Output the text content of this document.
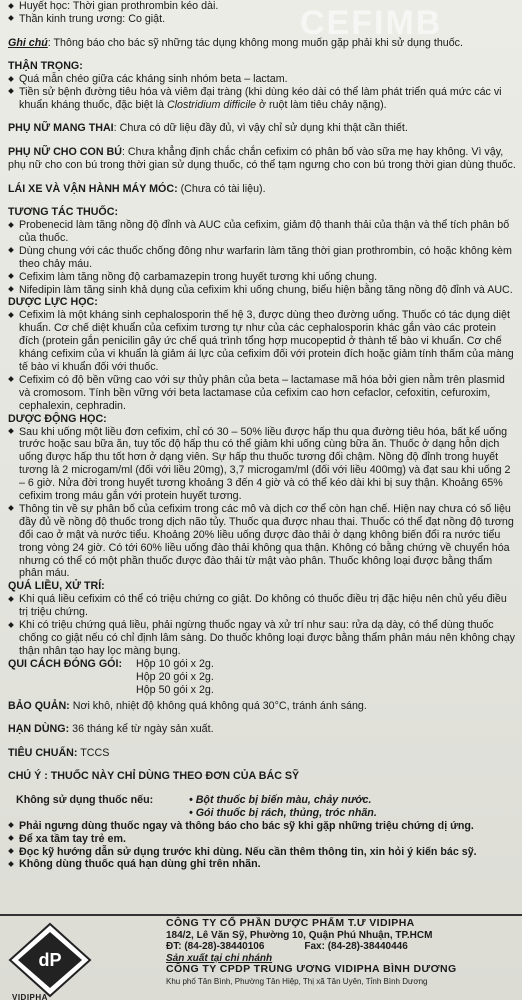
CEFIMB

Huyết học: Thời gian prothrombin kéo dài.

Thần kinh trung ương: Co giật.

Ghi chú: Thông báo cho bác sỹ những tác dụng không mong muốn gặp phải khi sử dụng thuốc.

THẬN TRỌNG:

Quá mẫn chéo giữa các kháng sinh nhóm beta – lactam.

Tiền sử bệnh đường tiêu hóa và viêm đại tràng (khi dùng kéo dài có thể làm phát triển quá mức các vi khuẩn kháng thuốc, đặc biệt là Clostridium difficile ở ruột làm tiêu chảy nặng).

PHỤ NỮ MANG THAI: Chưa có dữ liệu đầy đủ, vì vậy chỉ sử dụng khi thật cần thiết.

PHỤ NỮ CHO CON BÚ: Chưa khẳng định chắc chắn cefixim có phân bố vào sữa mẹ hay không. Vì vậy, phụ nữ cho con bú trong thời gian sử dụng thuốc, có thể tạm ngưng cho con bú trong thời gian dùng thuốc.

LÁI XE VÀ VẬN HÀNH MÁY MÓC: (Chưa có tài liệu).

TƯƠNG TÁC THUỐC:

Probenecid làm tăng nồng độ đỉnh và AUC của cefixim, giảm độ thanh thải của thận và thể tích phân bố của thuốc.

Dùng chung với các thuốc chống đông như warfarin làm tăng thời gian prothrombin, có hoặc không kèm theo chảy máu.

Cefixim làm tăng nồng độ carbamazepin trong huyết tương khi uống chung.

Nifedipin làm tăng sinh khả dụng của cefixim khi uống chung, biểu hiện bằng tăng nồng độ đỉnh và AUC.

DƯỢC LỰC HỌC:

Cefixim là một kháng sinh cephalosporin thế hệ 3, được dùng theo đường uống. Thuốc có tác dụng diệt khuẩn. Cơ chế diệt khuẩn của cefixim tương tự như của các cephalosporin khác gắn vào các protein đích (protein gắn penicilin gây ức chế quá trình tổng hợp mucopeptid ở thành tế bào vi khuẩn. Cơ chế kháng cefixim của vi khuẩn là giảm ái lực của cefixim đối với protein đích hoặc giảm tính thấm của màng tế bào vi khuẩn đối với thuốc.

Cefixim có độ bền vững cao với sự thủy phân của beta – lactamase mã hóa bởi gien nằm trên plasmid và cromosom. Tính bền vững với beta lactamase của cefixim cao hơn cefaclor, cefoxitin, cefuroxim, cephalexin, cephradin.

DƯỢC ĐỘNG HỌC:

Sau khi uống một liều đơn cefixim, chỉ có 30 – 50% liều được hấp thu qua đường tiêu hóa, bất kể uống trước hoặc sau bữa ăn, tuy tốc độ hấp thu có thể giảm khi uống cùng bữa ăn. Thuốc ở dạng hỗn dịch uống được hấp thu tốt hơn ở dạng viên. Sự hấp thu thuốc tương đối chậm. Nồng độ đỉnh trong huyết tương là 2 microgam/ml (đối với liều 20mg), 3,7 microgam/ml (đối với liều 400mg) và đạt sau khi uống 2 – 6 giờ. Nửa đời trong huyết tương khoảng 3 đến 4 giờ và có thể kéo dài khi bị suy thận. Khoảng 65% cefixim trong máu gắn với protein huyết tương.

Thông tin về sự phân bố của cefixim trong các mô và dịch cơ thể còn hạn chế. Hiện nay chưa có số liệu đầy đủ về nồng độ thuốc trong dịch não tủy. Thuốc qua được nhau thai. Thuốc có thể đạt nồng độ tương đối cao ở mật và nước tiểu. Khoảng 20% liều uống được đào thải ở dạng không biến đổi ra nước tiểu trong vòng 24 giờ. Có tới 60% liều uống đào thải không qua thận. Không có bằng chứng về chuyển hóa nhưng có thể có một phần thuốc được đào thải từ mật vào phân. Thuốc không loại được bằng thẩm phân máu.

QUÁ LIỀU, XỬ TRÍ:

Khi quá liều cefixim có thể có triệu chứng co giật. Do không có thuốc điều trị đặc hiệu nên chủ yếu điều trị triệu chứng.

Khi có triệu chứng quá liều, phải ngừng thuốc ngay và xử trí như sau: rửa dạ dày, có thể dùng thuốc chống co giật nếu có chỉ định lâm sàng. Do thuốc không loại được bằng thẩm phân máu nên không chạy thận nhân tạo hay lọc màng bụng.

QUI CÁCH ĐÓNG GÓI:	Hộp 10 gói x 2g.
Hộp 20 gói x 2g.
Hộp 50 gói x 2g.

BẢO QUẢN: Nơi khô, nhiệt độ không quá không quá 30°C, tránh ánh sáng.

HẠN DÙNG: 36 tháng kể từ ngày sản xuất.

TIÊU CHUẨN: TCCS

CHÚ Ý : THUỐC NÀY CHỈ DÙNG THEO ĐƠN CỦA BÁC SỸ

Không sử dụng thuốc nếu:	• Bột thuốc bị biến màu, chảy nước.
• Gói thuốc bị rách, thủng, tróc nhãn.

Phải ngưng dùng thuốc ngay và thông báo cho bác sỹ khi gặp những triệu chứng dị ứng.

Để xa tầm tay trẻ em.

Đọc kỹ hướng dẫn sử dụng trước khi dùng. Nếu cần thêm thông tin, xin hỏi ý kiến bác sỹ.

Không dùng thuốc quá hạn dùng ghi trên nhãn.

dP
VIDIPHA
CÔNG TY CỔ PHẦN DƯỢC PHẨM T.Ư VIDIPHA
184/2, Lê Văn Sỹ, Phường 10, Quận Phú Nhuận, TP.HCM
ĐT: (84-28)-38440106	Fax: (84-28)-38440446
Sản xuất tại chi nhánh
CÔNG TY CPDP TRUNG ƯƠNG VIDIPHA BÌNH DƯƠNG
Khu phố Tân Bình, Phường Tân Hiệp, Thị xã Tân Uyên, Tỉnh Bình Dương
